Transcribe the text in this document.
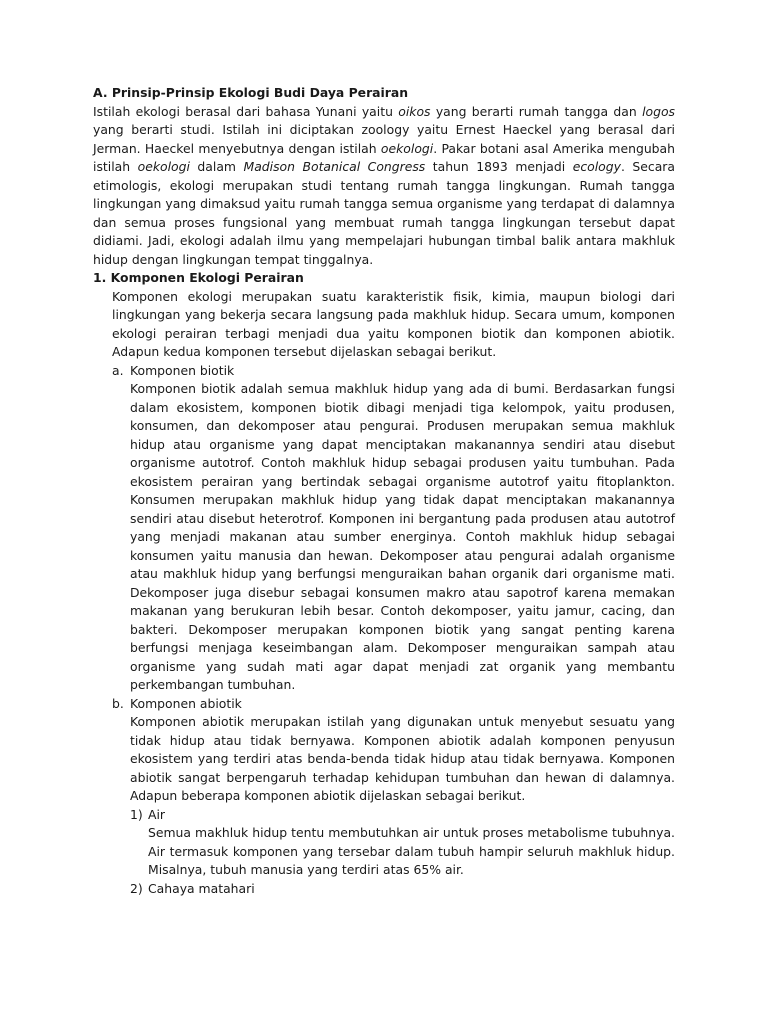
A. Prinsip-Prinsip Ekologi Budi Daya Perairan

Istilah ekologi berasal dari bahasa Yunani yaitu oikos yang berarti rumah tangga dan logos yang berarti studi. Istilah ini diciptakan zoology yaitu Ernest Haeckel yang berasal dari Jerman. Haeckel menyebutnya dengan istilah oekologi. Pakar botani asal Amerika mengubah istilah oekologi dalam Madison Botanical Congress tahun 1893 menjadi ecology. Secara etimologis, ekologi merupakan studi tentang rumah tangga lingkungan. Rumah tangga lingkungan yang dimaksud yaitu rumah tangga semua organisme yang terdapat di dalamnya dan semua proses fungsional yang membuat rumah tangga lingkungan tersebut dapat didiami. Jadi, ekologi adalah ilmu yang mempelajari hubungan timbal balik antara makhluk hidup dengan lingkungan tempat tinggalnya.

1. Komponen Ekologi Perairan

Komponen ekologi merupakan suatu karakteristik fisik, kimia, maupun biologi dari lingkungan yang bekerja secara langsung pada makhluk hidup. Secara umum, komponen ekologi perairan terbagi menjadi dua yaitu komponen biotik dan komponen abiotik. Adapun kedua komponen tersebut dijelaskan sebagai berikut.

a. Komponen biotik

Komponen biotik adalah semua makhluk hidup yang ada di bumi. Berdasarkan fungsi dalam ekosistem, komponen biotik dibagi menjadi tiga kelompok, yaitu produsen, konsumen, dan dekomposer atau pengurai. Produsen merupakan semua makhluk hidup atau organisme yang dapat menciptakan makanannya sendiri atau disebut organisme autotrof. Contoh makhluk hidup sebagai produsen yaitu tumbuhan. Pada ekosistem perairan yang bertindak sebagai organisme autotrof yaitu fitoplankton. Konsumen merupakan makhluk hidup yang tidak dapat menciptakan makanannya sendiri atau disebut heterotrof. Komponen ini bergantung pada produsen atau autotrof yang menjadi makanan atau sumber energinya. Contoh makhluk hidup sebagai konsumen yaitu manusia dan hewan. Dekomposer atau pengurai adalah organisme atau makhluk hidup yang berfungsi menguraikan bahan organik dari organisme mati. Dekomposer juga disebur sebagai konsumen makro atau sapotrof karena memakan makanan yang berukuran lebih besar. Contoh dekomposer, yaitu jamur, cacing, dan bakteri. Dekomposer merupakan komponen biotik yang sangat penting karena berfungsi menjaga keseimbangan alam. Dekomposer menguraikan sampah atau organisme yang sudah mati agar dapat menjadi zat organik yang membantu perkembangan tumbuhan.

b. Komponen abiotik

Komponen abiotik merupakan istilah yang digunakan untuk menyebut sesuatu yang tidak hidup atau tidak bernyawa. Komponen abiotik adalah komponen penyusun ekosistem yang terdiri atas benda-benda tidak hidup atau tidak bernyawa. Komponen abiotik sangat berpengaruh terhadap kehidupan tumbuhan dan hewan di dalamnya. Adapun beberapa komponen abiotik dijelaskan sebagai berikut.

1) Air

Semua makhluk hidup tentu membutuhkan air untuk proses metabolisme tubuhnya. Air termasuk komponen yang tersebar dalam tubuh hampir seluruh makhluk hidup. Misalnya, tubuh manusia yang terdiri atas 65% air.

2) Cahaya matahari
